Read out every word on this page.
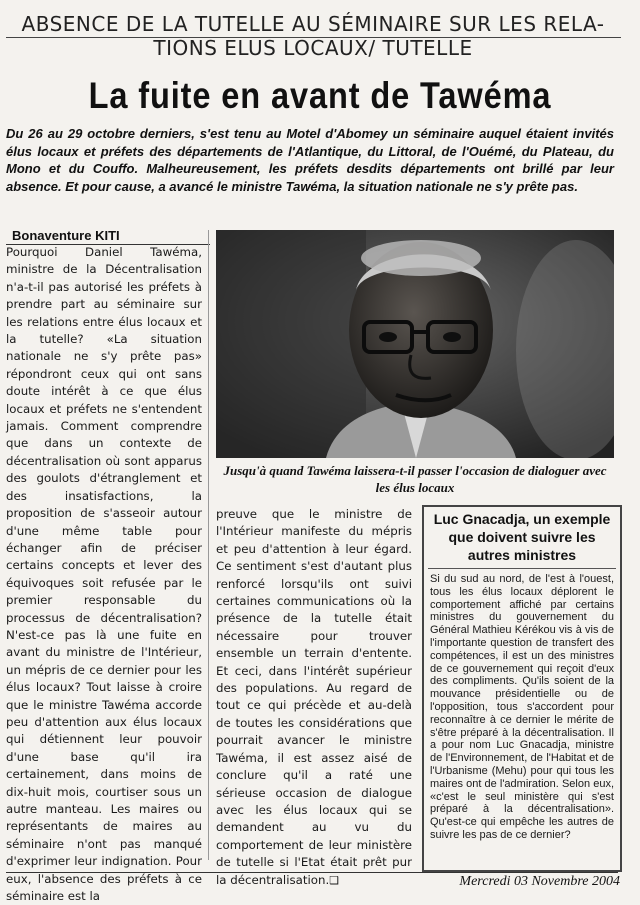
ABSENCE DE LA TUTELLE AU SÉMINAIRE SUR LES RELA- TIONS ELUS LOCAUX/ TUTELLE
La fuite en avant de Tawéma
Du 26 au 29 octobre derniers, s'est tenu au Motel d'Abomey un séminaire auquel étaient invités élus locaux et préfets des départements de l'Atlantique, du Littoral, de l'Ouémé, du Plateau, du Mono et du Couffo. Malheureusement, les préfets desdits départements ont brillé par leur absence. Et pour cause, a avancé le ministre Tawéma, la situation nationale ne s'y prête pas.
Bonaventure KITI
Pourquoi Daniel Tawéma, ministre de la Décentralisation n'a-t-il pas autorisé les préfets à prendre part au séminaire sur les relations entre élus locaux et la tutelle? «La situation nationale ne s'y prête pas» répondront ceux qui ont sans doute intérêt à ce que élus locaux et préfets ne s'entendent jamais. Comment comprendre que dans un contexte de décentralisation où sont apparus des goulots d'étranglement et des insatisfactions, la proposition de s'asseoir autour d'une même table pour échanger afin de préciser certains concepts et lever des équivoques soit refusée par le premier responsable du processus de décentralisation? N'est-ce pas là une fuite en avant du ministre de l'Intérieur, un mépris de ce dernier pour les élus locaux? Tout laisse à croire que le ministre Tawéma accorde peu d'attention aux élus locaux qui détiennent leur pouvoir d'une base qu'il ira certainement, dans moins de dix-huit mois, courtiser sous un autre manteau. Les maires ou représentants de maires au séminaire n'ont pas manqué d'exprimer leur indignation. Pour eux, l'absence des préfets à ce séminaire est la
Jusqu'à quand Tawéma laissera-t-il passer l'occasion de dialoguer avec les élus locaux
preuve que le ministre de l'Intérieur manifeste du mépris et peu d'attention à leur égard. Ce sentiment s'est d'autant plus renforcé lorsqu'ils ont suivi certaines communications où la présence de la tutelle était nécessaire pour trouver ensemble un terrain d'entente. Et ceci, dans l'intérêt supérieur des populations. Au regard de tout ce qui précède et au-delà de toutes les considérations que pourrait avancer le ministre Tawéma, il est assez aisé de conclure qu'il a raté une sérieuse occasion de dialogue avec les élus locaux qui se demandent au vu du comportement de leur ministère de tutelle si l'Etat était prêt pur la décentralisation.❑
Luc Gnacadja, un exemple que doivent suivre les autres ministres
Si du sud au nord, de l'est à l'ouest, tous les élus locaux déplorent le comportement affiché par certains ministres du gouvernement du Général Mathieu Kérékou vis à vis de l'importante question de transfert des compétences, il est un des ministres de ce gouvernement qui reçoit d'eux des compliments. Qu'ils soient de la mouvance présidentielle ou de l'opposition, tous s'accordent pour reconnaître à ce dernier le mérite de s'être préparé à la décentralisation. Il a pour nom Luc Gnacadja, ministre de l'Environnement, de l'Habitat et de l'Urbanisme (Mehu) pour qui tous les maires ont de l'admiration. Selon eux, «c'est le seul ministère qui s'est préparé à la décentralisation». Qu'est-ce qui empêche les autres de suivre les pas de ce dernier?
Mercredi 03 Novembre 2004
